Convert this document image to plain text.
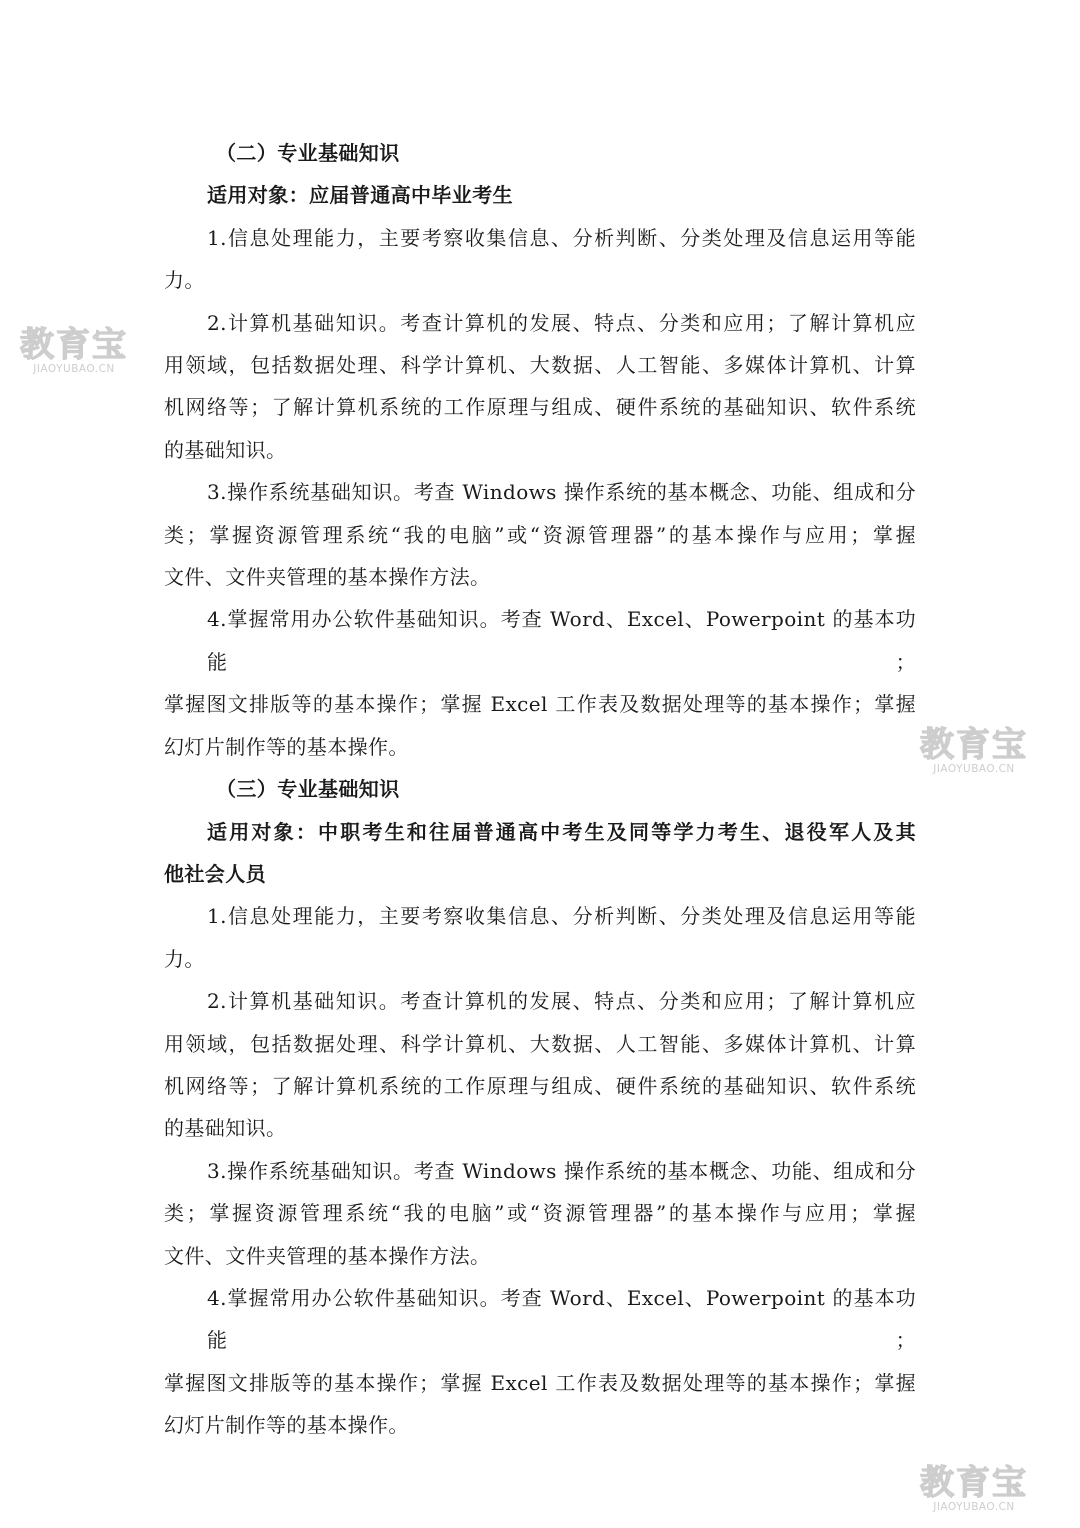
（二）专业基础知识
适用对象：应届普通高中毕业考生
1.信息处理能力，主要考察收集信息、分析判断、分类处理及信息运用等能
力。
2.计算机基础知识。考查计算机的发展、特点、分类和应用；了解计算机应
用领域，包括数据处理、科学计算机、大数据、人工智能、多媒体计算机、计算
机网络等；了解计算机系统的工作原理与组成、硬件系统的基础知识、软件系统
的基础知识。
3.操作系统基础知识。考查 Windows 操作系统的基本概念、功能、组成和分
类；掌握资源管理系统“我的电脑”或“资源管理器”的基本操作与应用；掌握
文件、文件夹管理的基本操作方法。
4.掌握常用办公软件基础知识。考查 Word、Excel、Powerpoint 的基本功能；
掌握图文排版等的基本操作；掌握 Excel 工作表及数据处理等的基本操作；掌握
幻灯片制作等的基本操作。
（三）专业基础知识
适用对象：中职考生和往届普通高中考生及同等学力考生、退役军人及其
他社会人员
1.信息处理能力，主要考察收集信息、分析判断、分类处理及信息运用等能
力。
2.计算机基础知识。考查计算机的发展、特点、分类和应用；了解计算机应
用领域，包括数据处理、科学计算机、大数据、人工智能、多媒体计算机、计算
机网络等；了解计算机系统的工作原理与组成、硬件系统的基础知识、软件系统
的基础知识。
3.操作系统基础知识。考查 Windows 操作系统的基本概念、功能、组成和分
类；掌握资源管理系统“我的电脑”或“资源管理器”的基本操作与应用；掌握
文件、文件夹管理的基本操作方法。
4.掌握常用办公软件基础知识。考查 Word、Excel、Powerpoint 的基本功能；
掌握图文排版等的基本操作；掌握 Excel 工作表及数据处理等的基本操作；掌握
幻灯片制作等的基本操作。
教育宝
JIAOYUBAO.CN
教育宝
JIAOYUBAO.CN
教育宝
JIAOYUBAO.CN
